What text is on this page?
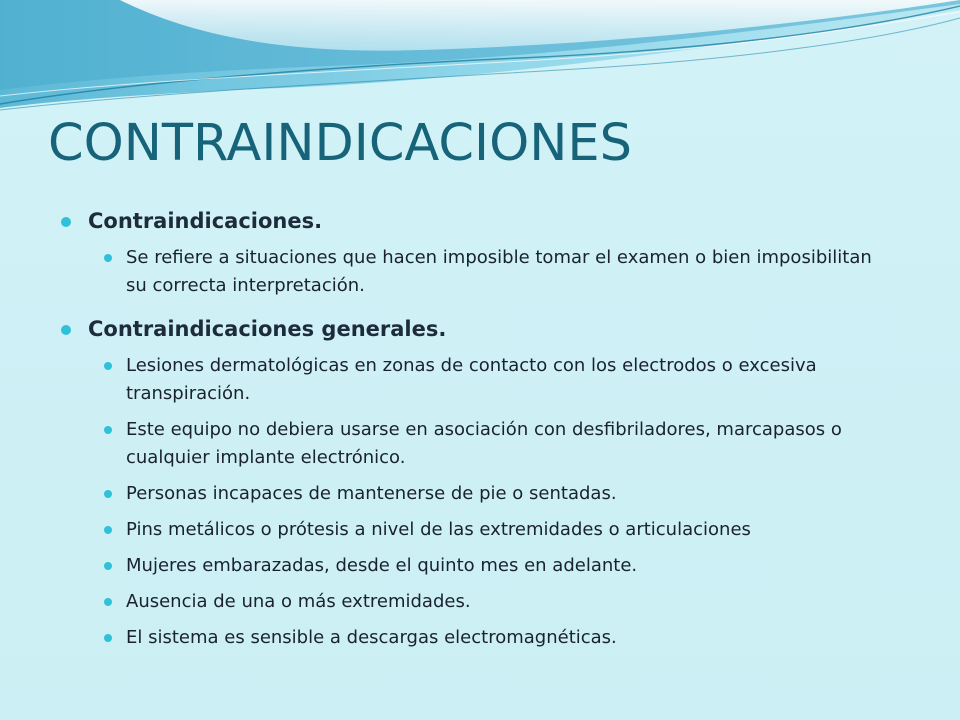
CONTRAINDICACIONES

Contraindicaciones.

Se refiere a situaciones que hacen imposible tomar el examen o bien imposibilitan su correcta interpretación.

Contraindicaciones generales.

Lesiones dermatológicas en zonas de contacto con los electrodos o excesiva transpiración.
Este equipo no debiera usarse en asociación con desfibriladores, marcapasos o cualquier implante electrónico.
Personas incapaces de mantenerse de pie o sentadas.
Pins metálicos o prótesis a nivel de las extremidades o articulaciones
Mujeres embarazadas, desde el quinto mes en adelante.
Ausencia de una o más extremidades.
El sistema es sensible a descargas electromagnéticas.
